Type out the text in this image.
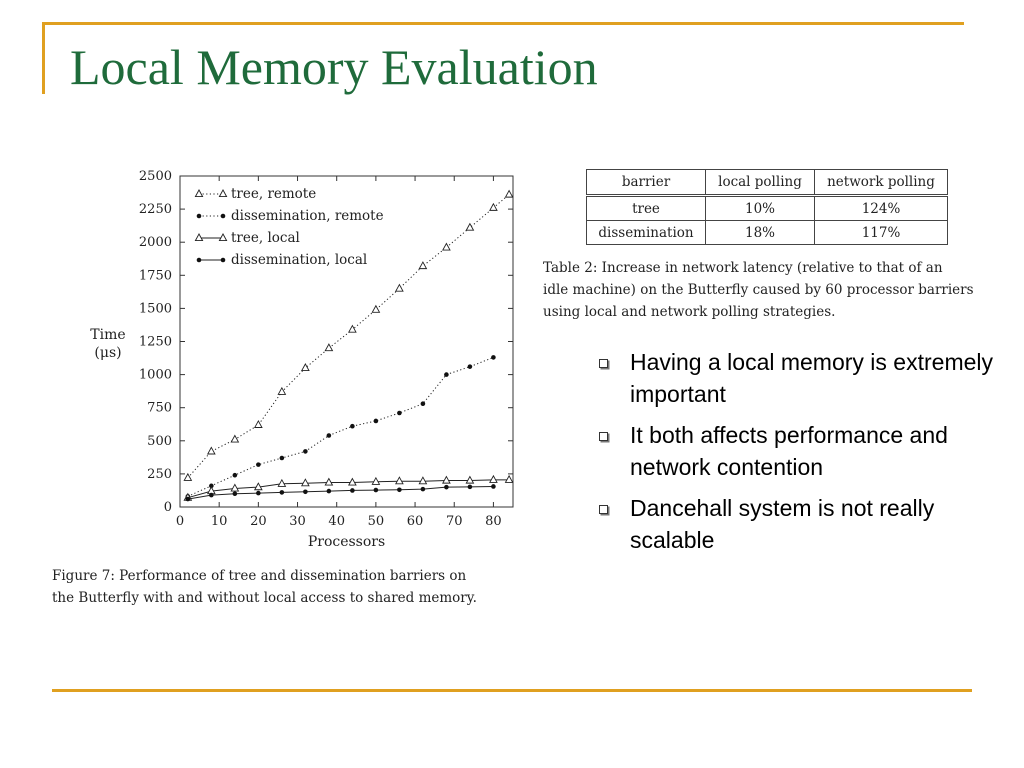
Local Memory Evaluation
0 10 20 30 40 50 60 70 80
0
250
500
750
1000
1250
1500
1750
2000
2250
2500
Processors
Time
(μs)
tree, remote
dissemination, remote
tree, local
dissemination, local
Figure 7: Performance of tree and dissemination barriers on
the Butterfly with and without local access to shared memory.
barrier	local polling	network polling
tree	10%	124%
dissemination	18%	117%
Table 2: Increase in network latency (relative to that of an
idle machine) on the Butterfly caused by 60 processor barriers
using local and network polling strategies.
Having a local memory is extremely important
It both affects performance and network contention
Dancehall system is not really scalable
